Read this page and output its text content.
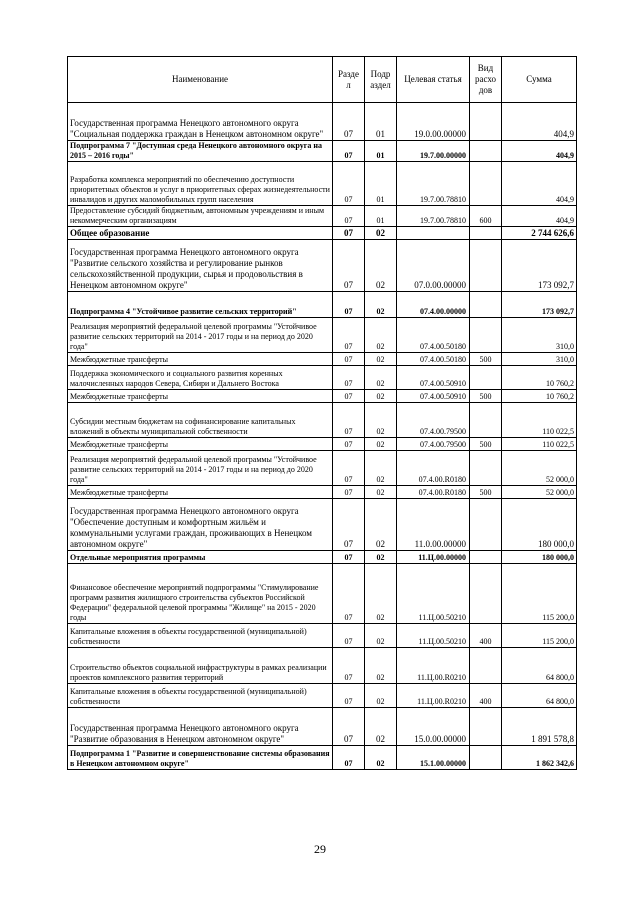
Наименование	Разде л	Подр аздел	Целевая статья	Вид расхо дов	Сумма
Государственная программа Ненецкого автономного округа "Социальная поддержка граждан в Ненецком автономном округе"	07	01	19.0.00.00000		404,9
Подпрограмма 7 "Доступная среда Ненецкого автономного округа на 2015 – 2016 годы"	07	01	19.7.00.00000		404,9
Разработка комплекса мероприятий по обеспечению доступности приоритетных объектов и услуг в приоритетных сферах жизнедеятельности инвалидов и других маломобильных групп населения	07	01	19.7.00.78810		404,9
Предоставление субсидий бюджетным, автономным учреждениям и иным некоммерческим организациям	07	01	19.7.00.78810	600	404,9
Общее образование	07	02			2 744 626,6
Государственная программа Ненецкого автономного округа "Развитие сельского хозяйства и регулирование рынков сельскохозяйственной продукции, сырья и продовольствия в Ненецком автономном округе"	07	02	07.0.00.00000		173 092,7
Подпрограмма 4 "Устойчивое развитие сельских территорий"	07	02	07.4.00.00000		173 092,7
Реализация мероприятий федеральной целевой программы "Устойчивое развитие сельских территорий на 2014 - 2017 годы и на период до 2020 года"	07	02	07.4.00.50180		310,0
Межбюджетные трансферты	07	02	07.4.00.50180	500	310,0
Поддержка экономического и социального развития коренных малочисленных народов Севера, Сибири и Дальнего Востока	07	02	07.4.00.50910		10 760,2
Межбюджетные трансферты	07	02	07.4.00.50910	500	10 760,2
Субсидии местным бюджетам на софинансирование капитальных вложений в объекты муниципальной собственности	07	02	07.4.00.79500		110 022,5
Межбюджетные трансферты	07	02	07.4.00.79500	500	110 022,5
Реализация мероприятий федеральной целевой программы "Устойчивое развитие сельских территорий на 2014 - 2017 годы и на период до 2020 года"	07	02	07.4.00.R0180		52 000,0
Межбюджетные трансферты	07	02	07.4.00.R0180	500	52 000,0
Государственная программа Ненецкого автономного округа "Обеспечение доступным и комфортным жильём и коммунальными услугами граждан, проживающих в Ненецком автономном округе"	07	02	11.0.00.00000		180 000,0
Отдельные мероприятия программы	07	02	11.Ц.00.00000		180 000,0
Финансовое обеспечение мероприятий подпрограммы "Стимулирование программ развития жилищного строительства субъектов Российской Федерации" федеральной целевой программы "Жилище" на 2015 - 2020 годы	07	02	11.Ц.00.50210		115 200,0
Капитальные вложения в объекты государственной (муниципальной) собственности	07	02	11.Ц.00.50210	400	115 200,0
Строительство объектов социальной инфраструктуры в рамках реализации проектов комплексного развития территорий	07	02	11.Ц.00.R0210		64 800,0
Капитальные вложения в объекты государственной (муниципальной) собственности	07	02	11.Ц.00.R0210	400	64 800,0
Государственная программа Ненецкого автономного округа "Развитие образования в Ненецком автономном округе"	07	02	15.0.00.00000		1 891 578,8
Подпрограмма 1 "Развитие и совершенствование системы образования в Ненецком автономном округе"	07	02	15.1.00.00000		1 862 342,6
29
